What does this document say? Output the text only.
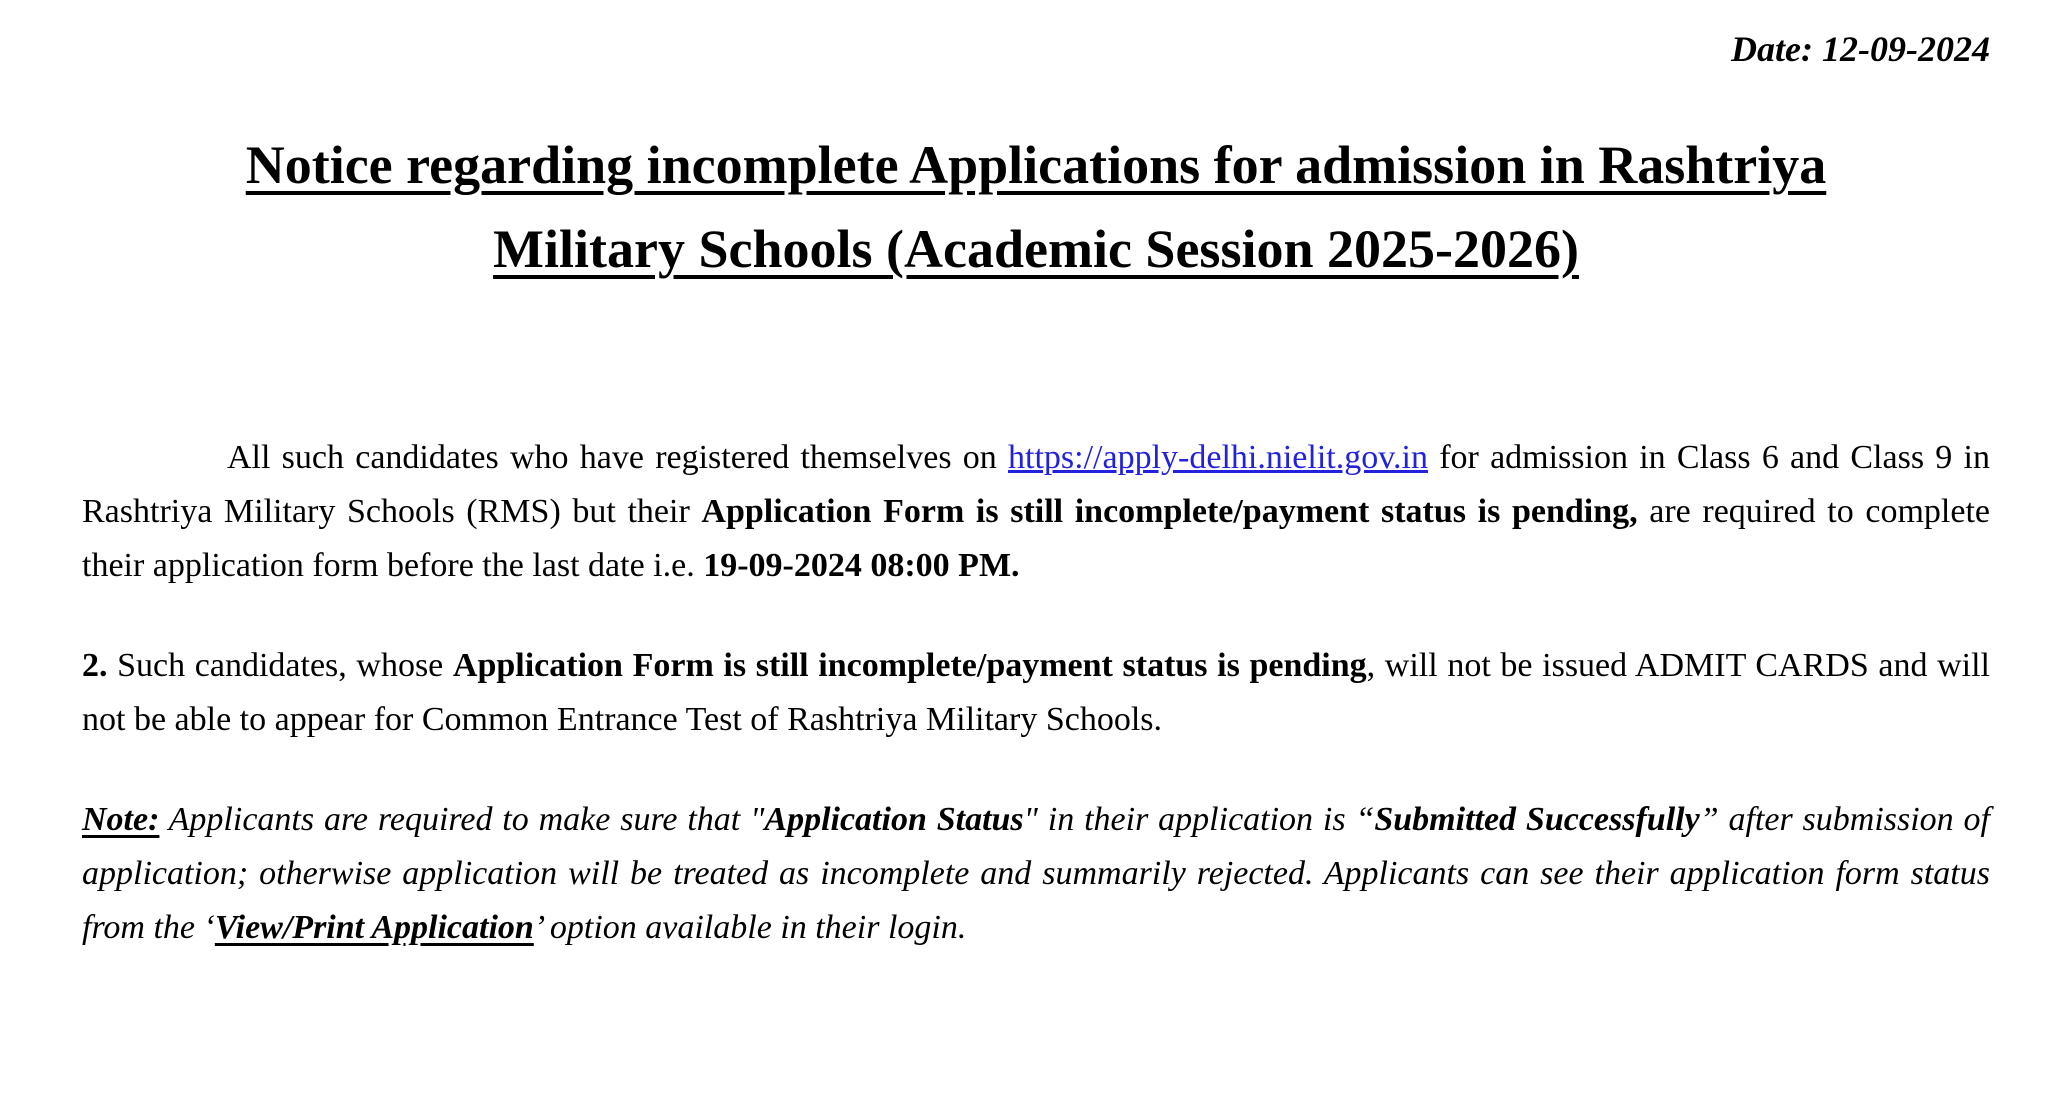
Date: 12-09-2024
Notice regarding incomplete Applications for admission in Rashtriya
Military Schools (Academic Session 2025-2026)

All such candidates who have registered themselves on https://apply-delhi.nielit.gov.in for admission in Class 6 and Class 9 in Rashtriya Military Schools (RMS) but their Application Form is still incomplete/payment status is pending, are required to complete their application form before the last date i.e. 19-09-2024 08:00 PM.

2. Such candidates, whose Application Form is still incomplete/payment status is pending, will not be issued ADMIT CARDS and will not be able to appear for Common Entrance Test of Rashtriya Military Schools.

Note: Applicants are required to make sure that "Application Status" in their application is “Submitted Successfully” after submission of application; otherwise application will be treated as incomplete and summarily rejected. Applicants can see their application form status from the ‘View/Print Application’ option available in their login.
